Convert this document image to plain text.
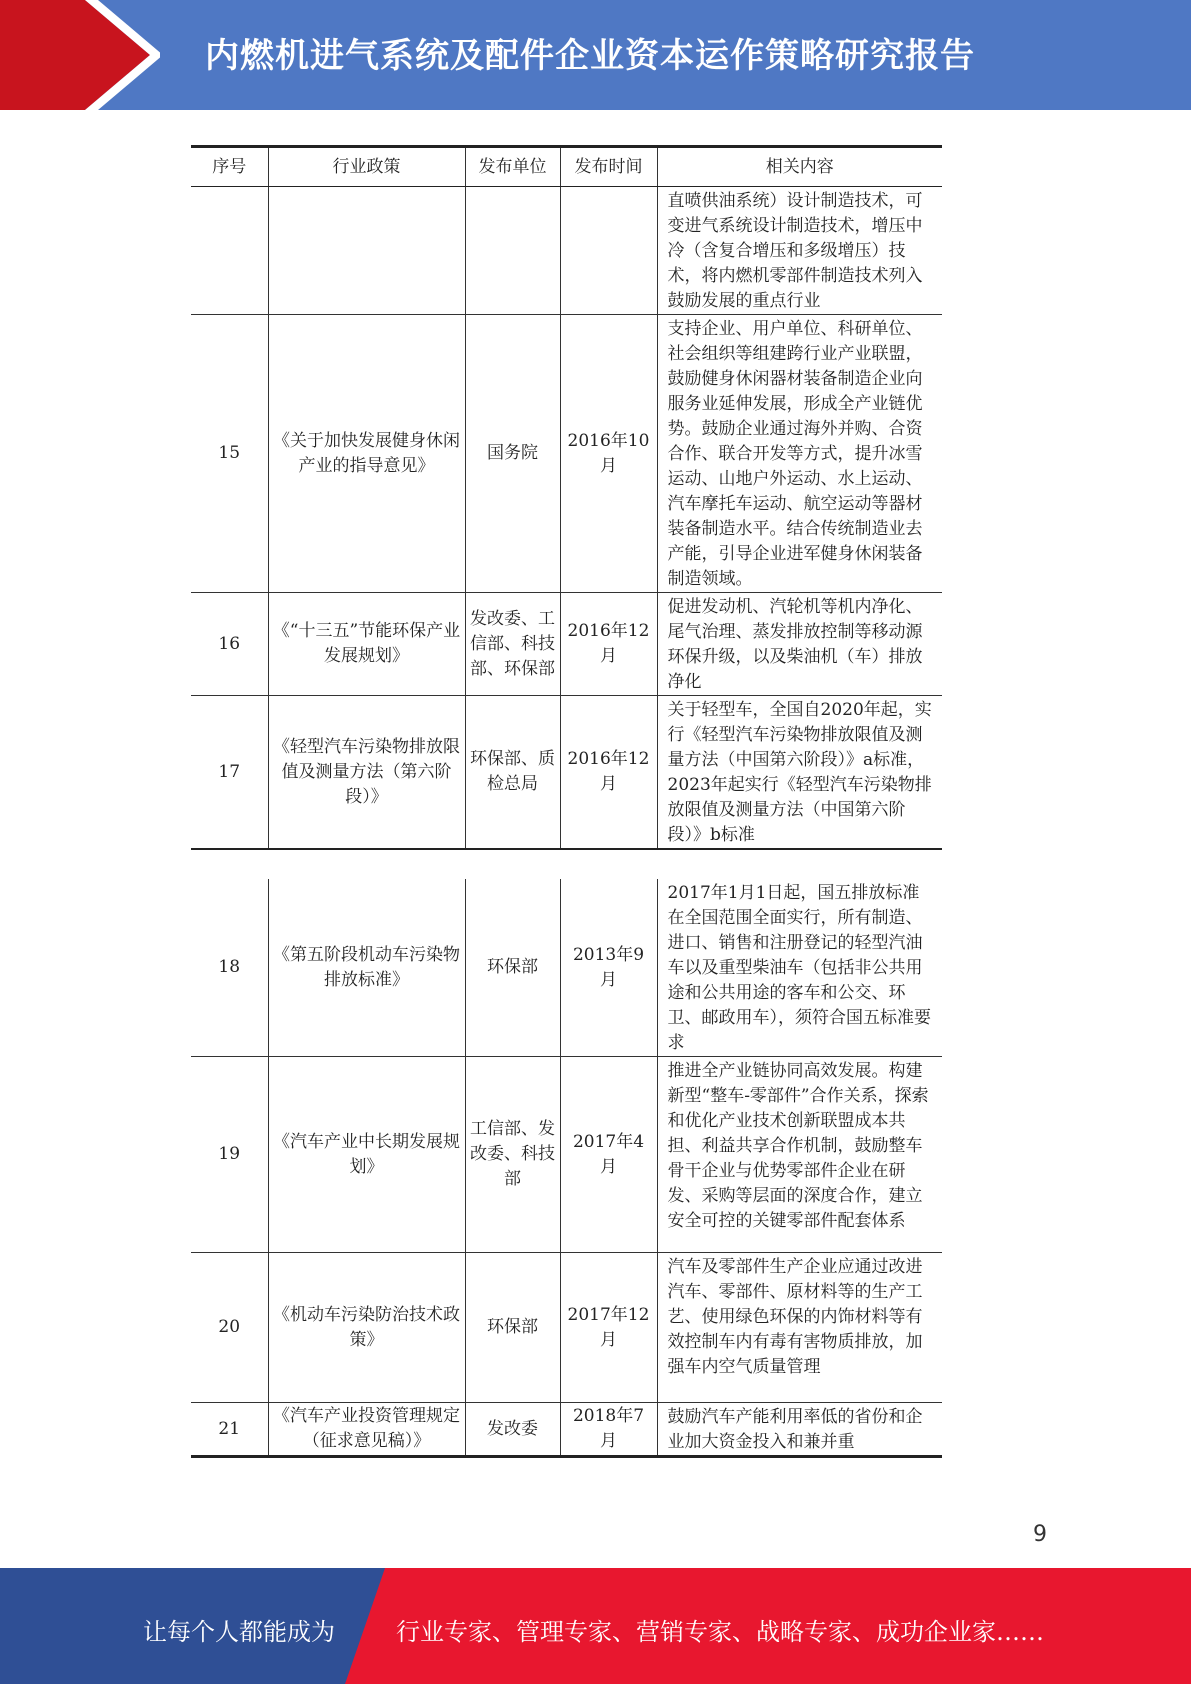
内燃机进气系统及配件企业资本运作策略研究报告
序号	行业政策	发布单位	发布时间	相关内容
				直喷供油系统）设计制造技术，可变进气系统设计制造技术，增压中冷（含复合增压和多级增压）技术，将内燃机零部件制造技术列入鼓励发展的重点行业
15	《关于加快发展健身休闲产业的指导意见》	国务院	2016年10月	支持企业、用户单位、科研单位、社会组织等组建跨行业产业联盟，鼓励健身休闲器材装备制造企业向服务业延伸发展，形成全产业链优势。鼓励企业通过海外并购、合资合作、联合开发等方式，提升冰雪运动、山地户外运动、水上运动、汽车摩托车运动、航空运动等器材装备制造水平。结合传统制造业去产能，引导企业进军健身休闲装备制造领域。
16	《“十三五”节能环保产业发展规划》	发改委、工信部、科技部、环保部	2016年12月	促进发动机、汽轮机等机内净化、尾气治理、蒸发排放控制等移动源环保升级，以及柴油机（车）排放净化
17	《轻型汽车污染物排放限值及测量方法（第六阶段）》	环保部、质检总局	2016年12月	关于轻型车，全国自2020年起，实行《轻型汽车污染物排放限值及测量方法（中国第六阶段）》a标准，2023年起实行《轻型汽车污染物排放限值及测量方法（中国第六阶段）》b标准
18	《第五阶段机动车污染物排放标准》	环保部	2013年9月	2017年1月1日起，国五排放标准在全国范围全面实行，所有制造、进口、销售和注册登记的轻型汽油车以及重型柴油车（包括非公共用途和公共用途的客车和公交、环卫、邮政用车），须符合国五标准要求
19	《汽车产业中长期发展规划》	工信部、发改委、科技部	2017年4月	推进全产业链协同高效发展。构建新型“整车-零部件”合作关系，探索和优化产业技术创新联盟成本共担、利益共享合作机制，鼓励整车骨干企业与优势零部件企业在研发、采购等层面的深度合作，建立安全可控的关键零部件配套体系
20	《机动车污染防治技术政策》	环保部	2017年12月	汽车及零部件生产企业应通过改进汽车、零部件、原材料等的生产工艺、使用绿色环保的内饰材料等有效控制车内有毒有害物质排放，加强车内空气质量管理
21	《汽车产业投资管理规定（征求意见稿）》	发改委	2018年7月	鼓励汽车产能利用率低的省份和企业加大资金投入和兼并重
9
让每个人都能成为	行业专家、管理专家、营销专家、战略专家、成功企业家……
